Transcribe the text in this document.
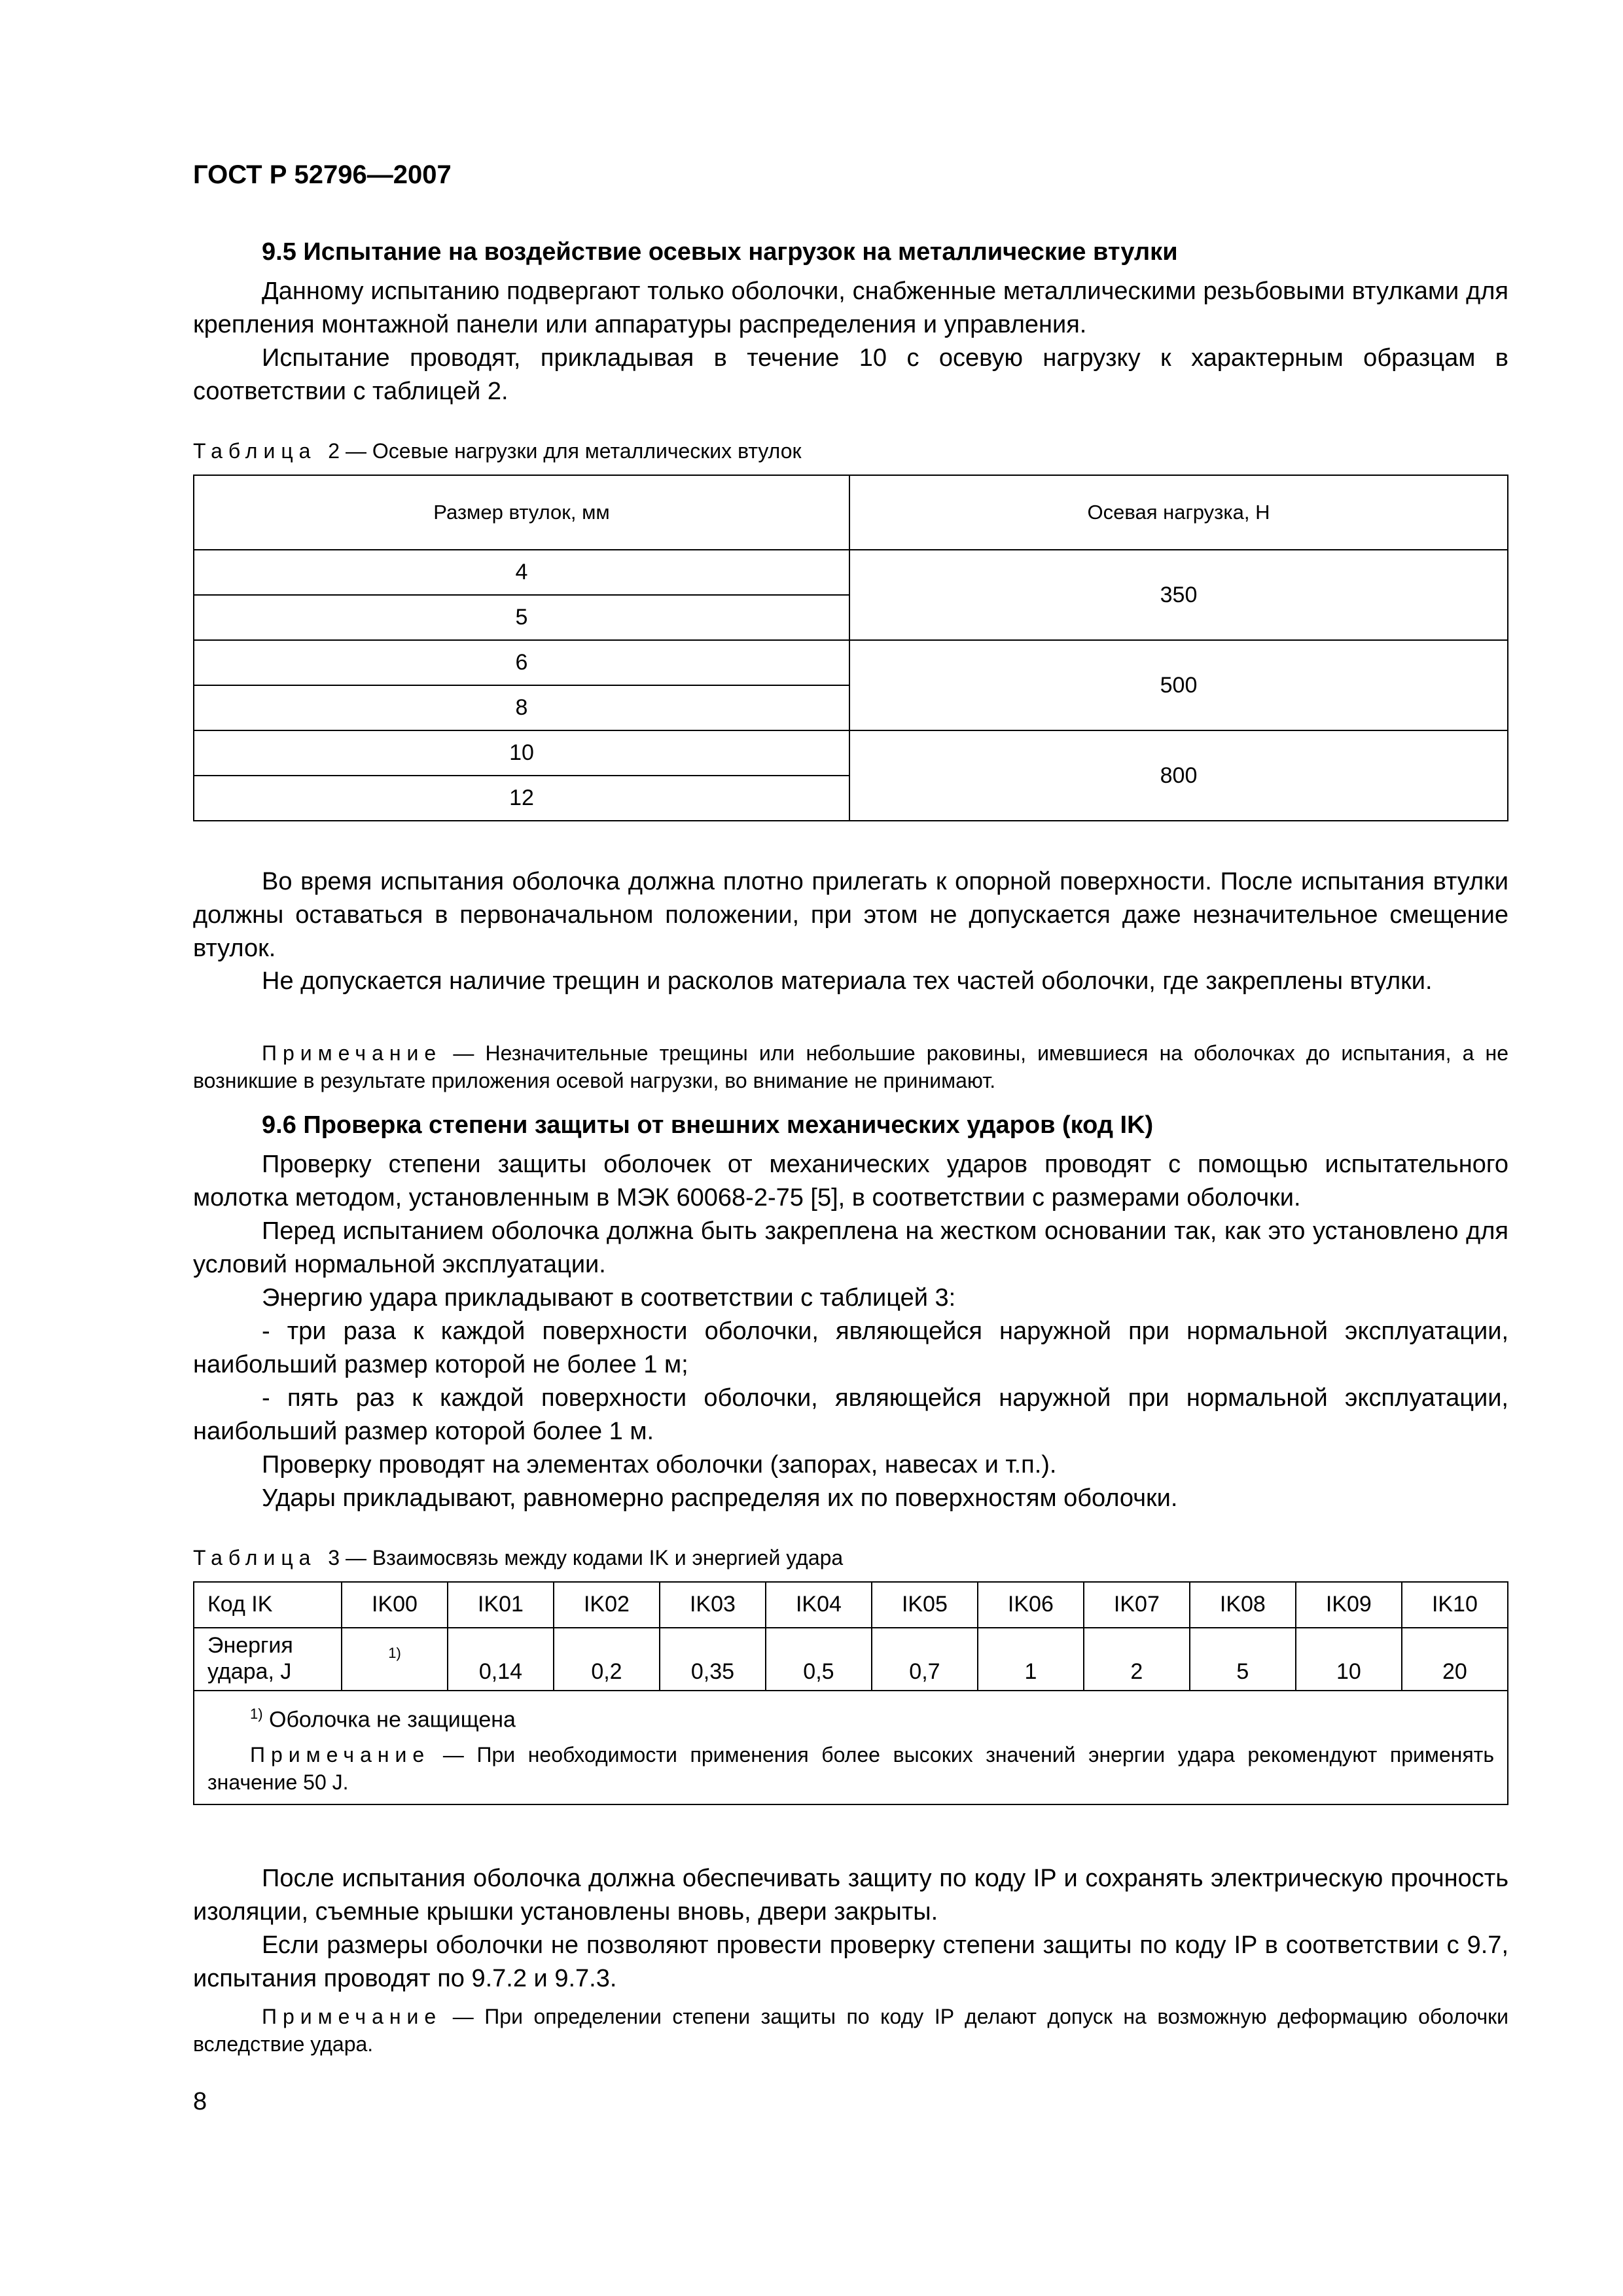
ГОСТ Р 52796—2007
9.5 Испытание на воздействие осевых нагрузок на металлические втулки
Данному испытанию подвергают только оболочки, снабженные металлическими резьбовыми втулками для крепления монтажной панели или аппаратуры распределения и управления.
Испытание проводят, прикладывая в течение 10 с осевую нагрузку к характерным образцам в соответствии с таблицей 2.
Таблица 2 — Осевые нагрузки для металлических втулок
Размер втулок, мм	Осевая нагрузка, Н
4	350
5	
6	500
8	
10	800
12	
Во время испытания оболочка должна плотно прилегать к опорной поверхности. После испытания втулки должны оставаться в первоначальном положении, при этом не допускается даже незначительное смещение втулок.
Не допускается наличие трещин и расколов материала тех частей оболочки, где закреплены втулки.
Примечание — Незначительные трещины или небольшие раковины, имевшиеся на оболочках до испытания, а не возникшие в результате приложения осевой нагрузки, во внимание не принимают.
9.6 Проверка степени защиты от внешних механических ударов (код IK)
Проверку степени защиты оболочек от механических ударов проводят с помощью испытательного молотка методом, установленным в МЭК 60068-2-75 [5], в соответствии с размерами оболочки.
Перед испытанием оболочка должна быть закреплена на жестком основании так, как это установлено для условий нормальной эксплуатации.
Энергию удара прикладывают в соответствии с таблицей 3:
- три раза к каждой поверхности оболочки, являющейся наружной при нормальной эксплуатации, наибольший размер которой не более 1 м;
- пять раз к каждой поверхности оболочки, являющейся наружной при нормальной эксплуатации, наибольший размер которой более 1 м.
Проверку проводят на элементах оболочки (запорах, навесах и т.п.).
Удары прикладывают, равномерно распределяя их по поверхностям оболочки.
Таблица 3 — Взаимосвязь между кодами IK и энергией удара
Код IK	IK00	IK01	IK02	IK03	IK04	IK05	IK06	IK07	IK08	IK09	IK10
Энергия
удара, J	$^{1)}$	0,14	0,2	0,35	0,5	0,7	1	2	5	10	20

$^{1)}$ Оболочка не защищена
Примечание — При необходимости применения более высоких значений энергии удара рекомендуют применять значение 50 J.											
После испытания оболочка должна обеспечивать защиту по коду IP и сохранять электрическую прочность изоляции, съемные крышки установлены вновь, двери закрыты.
Если размеры оболочки не позволяют провести проверку степени защиты по коду IP в соответствии с 9.7, испытания проводят по 9.7.2 и 9.7.3.
Примечание — При определении степени защиты по коду IP делают допуск на возможную деформацию оболочки вследствие удара.
8
